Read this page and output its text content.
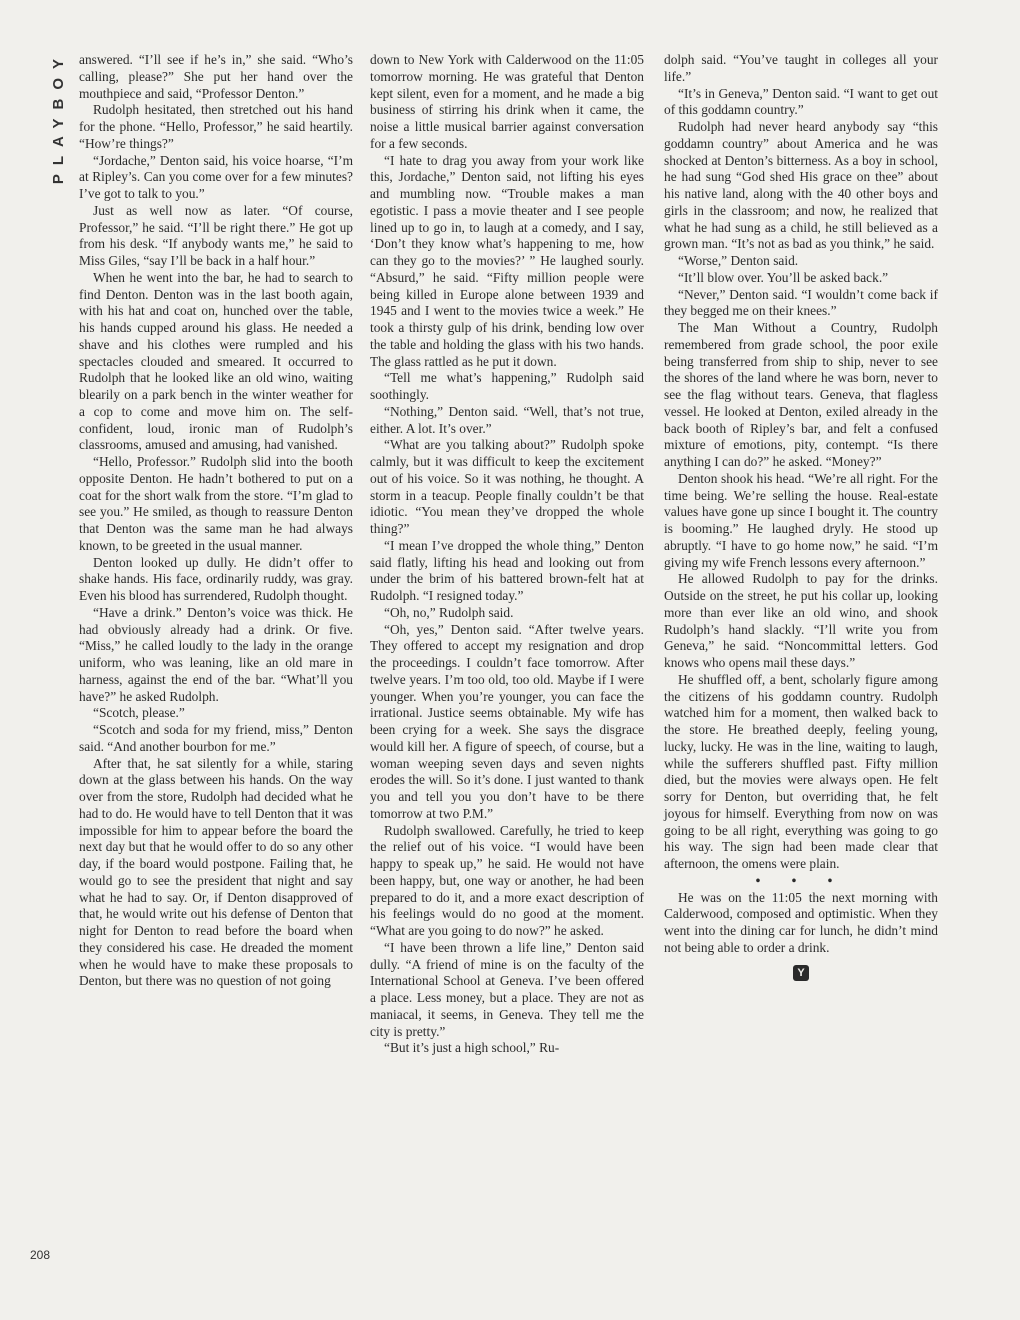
PLAYBOY answered. “I’ll see if he’s in,” she said. “Who’s calling, please?” She put her hand over the mouthpiece and said, “Professor Denton.”

Rudolph hesitated, then stretched out his hand for the phone. “Hello, Professor,” he said heartily. “How’re things?”

“Jordache,” Denton said, his voice hoarse, “I’m at Ripley’s. Can you come over for a few minutes? I’ve got to talk to you.”

Just as well now as later. “Of course, Professor,” he said. “I’ll be right there.” He got up from his desk. “If anybody wants me,” he said to Miss Giles, “say I’ll be back in a half hour.”

When he went into the bar, he had to search to find Denton. Denton was in the last booth again, with his hat and coat on, hunched over the table, his hands cupped around his glass. He needed a shave and his clothes were rumpled and his spectacles clouded and smeared. It occurred to Rudolph that he looked like an old wino, waiting blearily on a park bench in the winter weather for a cop to come and move him on. The self-confident, loud, ironic man of Rudolph’s classrooms, amused and amusing, had vanished.

“Hello, Professor.” Rudolph slid into the booth opposite Denton. He hadn’t bothered to put on a coat for the short walk from the store. “I’m glad to see you.” He smiled, as though to reassure Denton that Denton was the same man he had always known, to be greeted in the usual manner.

Denton looked up dully. He didn’t offer to shake hands. His face, ordinarily ruddy, was gray. Even his blood has surrendered, Rudolph thought.

“Have a drink.” Denton’s voice was thick. He had obviously already had a drink. Or five. “Miss,” he called loudly to the lady in the orange uniform, who was leaning, like an old mare in harness, against the end of the bar. “What’ll you have?” he asked Rudolph.

“Scotch, please.”

“Scotch and soda for my friend, miss,” Denton said. “And another bourbon for me.”

After that, he sat silently for a while, staring down at the glass between his hands. On the way over from the store, Rudolph had decided what he had to do. He would have to tell Denton that it was impossible for him to appear before the board the next day but that he would offer to do so any other day, if the board would postpone. Failing that, he would go to see the president that night and say what he had to say. Or, if Denton disapproved of that, he would write out his defense of Denton that night for Denton to read before the board when they considered his case. He dreaded the moment when he would have to make these proposals to Denton, but there was no question of not going

down to New York with Calderwood on the 11:05 tomorrow morning. He was grateful that Denton kept silent, even for a moment, and he made a big business of stirring his drink when it came, the noise a little musical barrier against conversation for a few seconds.

“I hate to drag you away from your work like this, Jordache,” Denton said, not lifting his eyes and mumbling now. “Trouble makes a man egotistic. I pass a movie theater and I see people lined up to go in, to laugh at a comedy, and I say, ‘Don’t they know what’s happening to me, how can they go to the movies?’ ” He laughed sourly. “Absurd,” he said. “Fifty million people were being killed in Europe alone between 1939 and 1945 and I went to the movies twice a week.” He took a thirsty gulp of his drink, bending low over the table and holding the glass with his two hands. The glass rattled as he put it down.

“Tell me what’s happening,” Rudolph said soothingly.

“Nothing,” Denton said. “Well, that’s not true, either. A lot. It’s over.”

“What are you talking about?” Rudolph spoke calmly, but it was difficult to keep the excitement out of his voice. So it was nothing, he thought. A storm in a teacup. People finally couldn’t be that idiotic. “You mean they’ve dropped the whole thing?”

“I mean I’ve dropped the whole thing,” Denton said flatly, lifting his head and looking out from under the brim of his battered brown-felt hat at Rudolph. “I resigned today.”

“Oh, no,” Rudolph said.

“Oh, yes,” Denton said. “After twelve years. They offered to accept my resignation and drop the proceedings. I couldn’t face tomorrow. After twelve years. I’m too old, too old. Maybe if I were younger. When you’re younger, you can face the irrational. Justice seems obtainable. My wife has been crying for a week. She says the disgrace would kill her. A figure of speech, of course, but a woman weeping seven days and seven nights erodes the will. So it’s done. I just wanted to thank you and tell you you don’t have to be there tomorrow at two P.M.”

Rudolph swallowed. Carefully, he tried to keep the relief out of his voice. “I would have been happy to speak up,” he said. He would not have been happy, but, one way or another, he had been prepared to do it, and a more exact description of his feelings would do no good at the moment. “What are you going to do now?” he asked.

“I have been thrown a life line,” Denton said dully. “A friend of mine is on the faculty of the International School at Geneva. I’ve been offered a place. Less money, but a place. They are not as maniacal, it seems, in Geneva. They tell me the city is pretty.”

“But it’s just a high school,” Ru-

dolph said. “You’ve taught in colleges all your life.”

“It’s in Geneva,” Denton said. “I want to get out of this goddamn country.”

Rudolph had never heard anybody say “this goddamn country” about America and he was shocked at Denton’s bitterness. As a boy in school, he had sung “God shed His grace on thee” about his native land, along with the 40 other boys and girls in the classroom; and now, he realized that what he had sung as a child, he still believed as a grown man. “It’s not as bad as you think,” he said.

“Worse,” Denton said.

“It’ll blow over. You’ll be asked back.”

“Never,” Denton said. “I wouldn’t come back if they begged me on their knees.”

The Man Without a Country, Rudolph remembered from grade school, the poor exile being transferred from ship to ship, never to see the shores of the land where he was born, never to see the flag without tears. Geneva, that flagless vessel. He looked at Denton, exiled already in the back booth of Ripley’s bar, and felt a confused mixture of emotions, pity, contempt. “Is there anything I can do?” he asked. “Money?”

Denton shook his head. “We’re all right. For the time being. We’re selling the house. Real-estate values have gone up since I bought it. The country is booming.” He laughed dryly. He stood up abruptly. “I have to go home now,” he said. “I’m giving my wife French lessons every afternoon.”

He allowed Rudolph to pay for the drinks. Outside on the street, he put his collar up, looking more than ever like an old wino, and shook Rudolph’s hand slackly. “I’ll write you from Geneva,” he said. “Noncommittal letters. God knows who opens mail these days.”

He shuffled off, a bent, scholarly figure among the citizens of his goddamn country. Rudolph watched him for a moment, then walked back to the store. He breathed deeply, feeling young, lucky, lucky. He was in the line, waiting to laugh, while the sufferers shuffled past. Fifty million died, but the movies were always open. He felt sorry for Denton, but overriding that, he felt joyous for himself. Everything from now on was going to be all right, everything was going to go his way. The sign had been made clear that afternoon, the omens were plain.

• • •

He was on the 11:05 the next morning with Calderwood, composed and optimistic. When they went into the dining car for lunch, he didn’t mind not being able to order a drink.

Y
208
